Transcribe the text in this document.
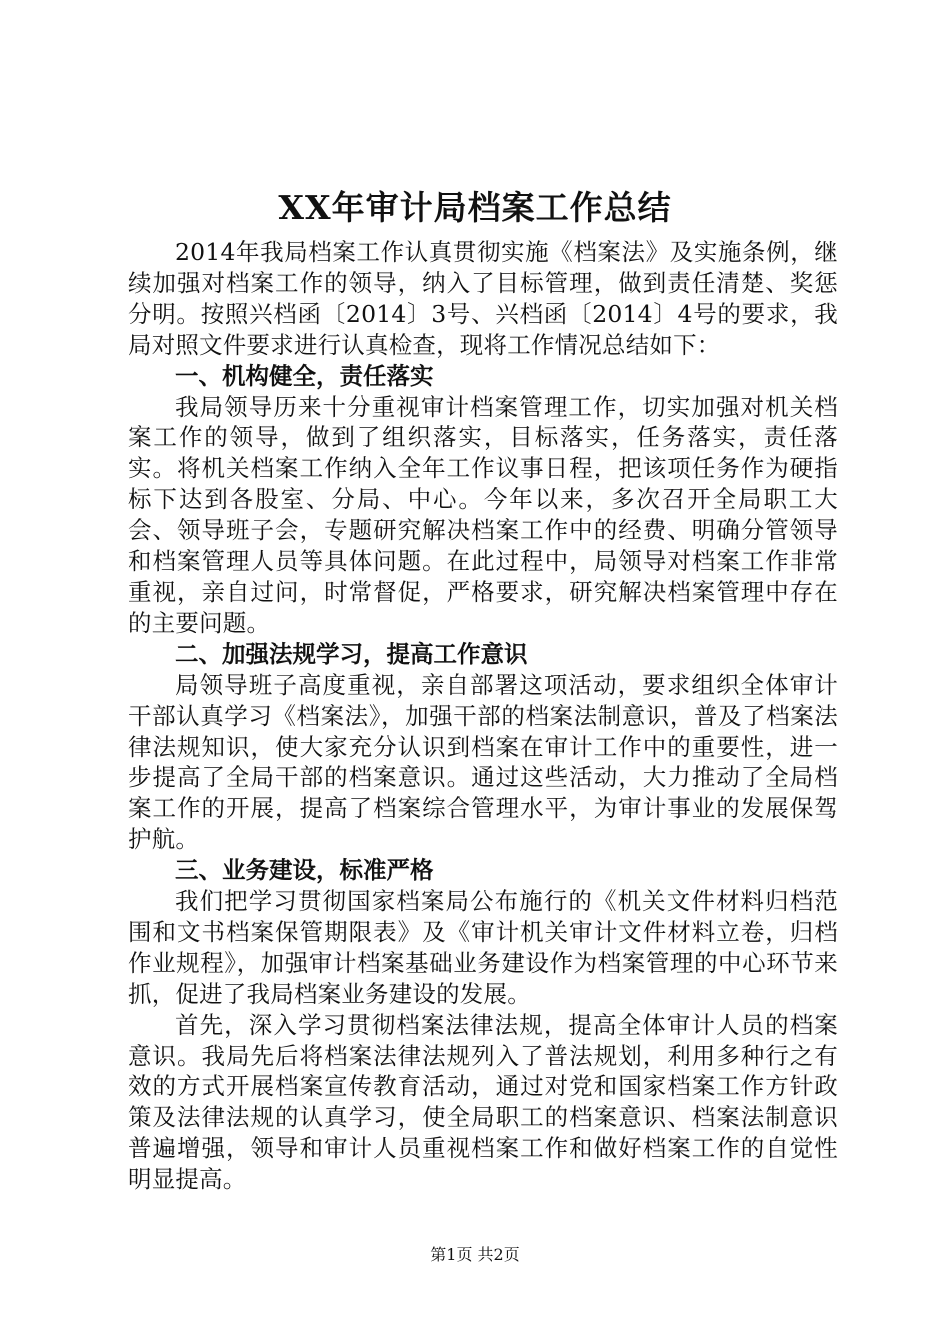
XX年审计局档案工作总结

2014年我局档案工作认真贯彻实施《档案法》及实施条例，继续加强对档案工作的领导，纳入了目标管理，做到责任清楚、奖惩分明。按照兴档函〔2014〕3号、兴档函〔2014〕4号的要求，我局对照文件要求进行认真检查，现将工作情况总结如下：

一、机构健全，责任落实

我局领导历来十分重视审计档案管理工作，切实加强对机关档案工作的领导，做到了组织落实，目标落实，任务落实，责任落实。将机关档案工作纳入全年工作议事日程，把该项任务作为硬指标下达到各股室、分局、中心。今年以来，多次召开全局职工大会、领导班子会，专题研究解决档案工作中的经费、明确分管领导和档案管理人员等具体问题。在此过程中，局领导对档案工作非常重视，亲自过问，时常督促，严格要求，研究解决档案管理中存在的主要问题。

二、加强法规学习，提高工作意识

局领导班子高度重视，亲自部署这项活动，要求组织全体审计干部认真学习《档案法》，加强干部的档案法制意识，普及了档案法律法规知识，使大家充分认识到档案在审计工作中的重要性，进一步提高了全局干部的档案意识。通过这些活动，大力推动了全局档案工作的开展，提高了档案综合管理水平，为审计事业的发展保驾护航。

三、业务建设，标准严格

我们把学习贯彻国家档案局公布施行的《机关文件材料归档范围和文书档案保管期限表》及《审计机关审计文件材料立卷，归档作业规程》，加强审计档案基础业务建设作为档案管理的中心环节来抓，促进了我局档案业务建设的发展。

首先，深入学习贯彻档案法律法规，提高全体审计人员的档案意识。我局先后将档案法律法规列入了普法规划，利用多种行之有效的方式开展档案宣传教育活动，通过对党和国家档案工作方针政策及法律法规的认真学习，使全局职工的档案意识、档案法制意识普遍增强，领导和审计人员重视档案工作和做好档案工作的自觉性明显提高。

第1页 共2页
